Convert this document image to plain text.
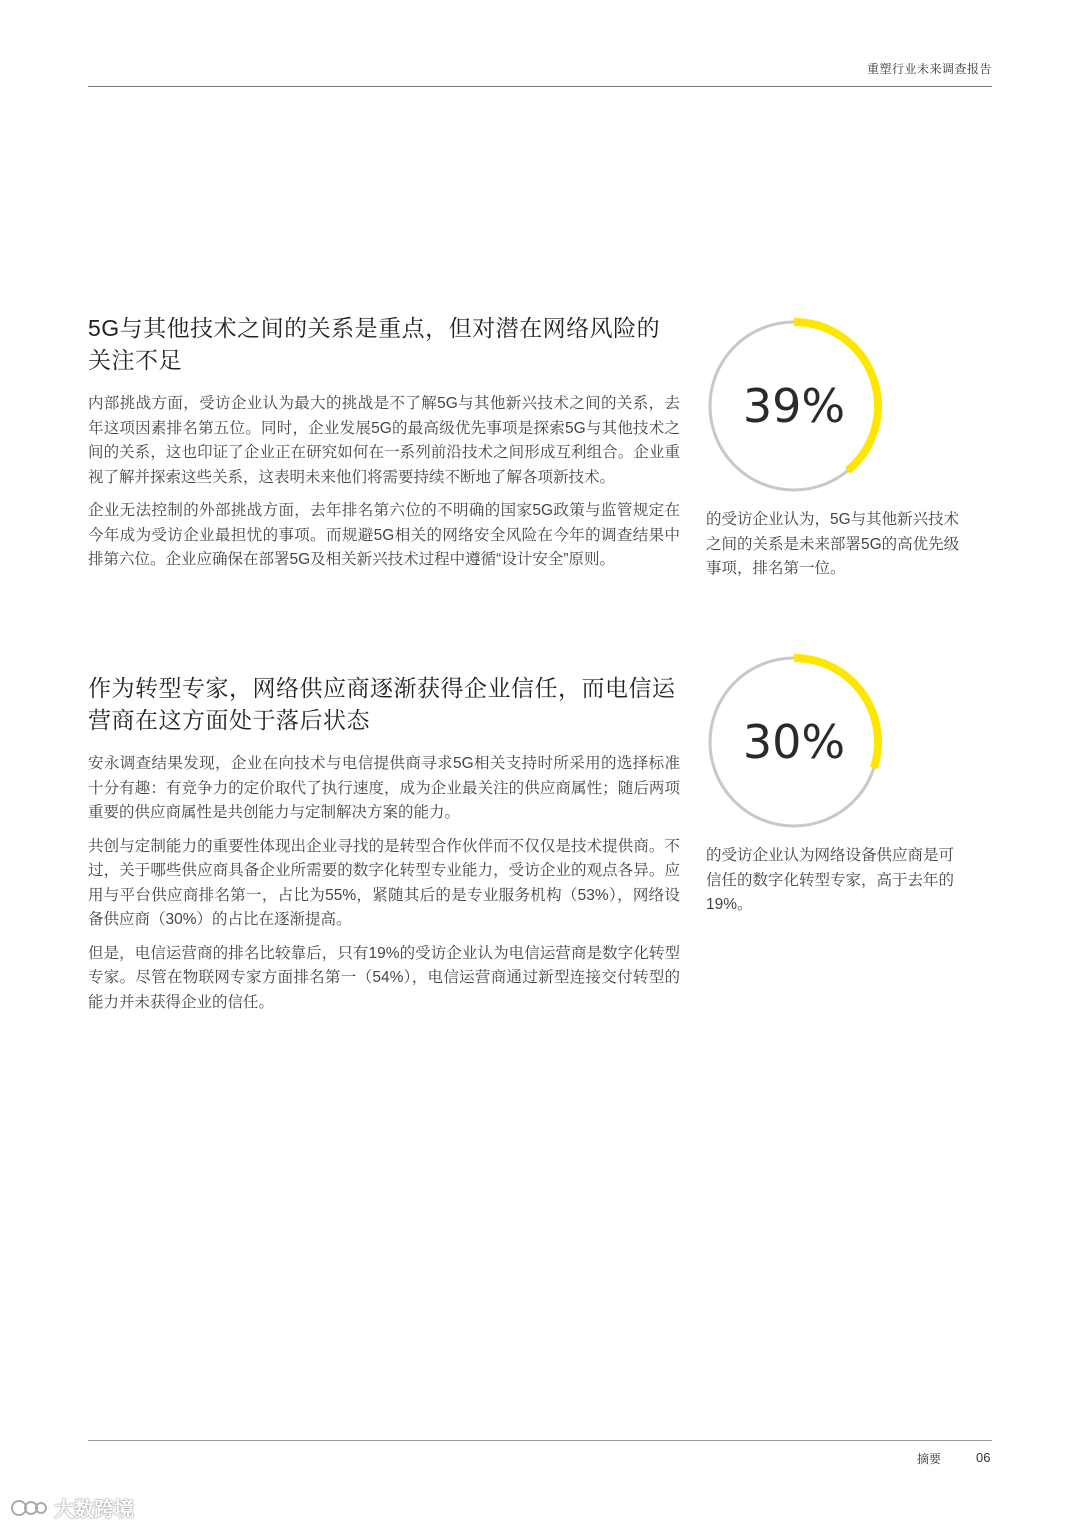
重塑行业未来调查报告
5G与其他技术之间的关系是重点，但对潜在网络风险的关注不足

内部挑战方面，受访企业认为最大的挑战是不了解5G与其他新兴技术之间的关系，去年这项因素排名第五位。同时，企业发展5G的最高级优先事项是探索5G与其他技术之间的关系，这也印证了企业正在研究如何在一系列前沿技术之间形成互利组合。企业重视了解并探索这些关系，这表明未来他们将需要持续不断地了解各项新技术。

企业无法控制的外部挑战方面，去年排名第六位的不明确的国家5G政策与监管规定在今年成为受访企业最担忧的事项。而规避5G相关的网络安全风险在今年的调查结果中排第六位。企业应确保在部署5G及相关新兴技术过程中遵循“设计安全”原则。

39%
的受访企业认为，5G与其他新兴技术之间的关系是未来部署5G的高优先级事项，排名第一位。
作为转型专家，网络供应商逐渐获得企业信任，而电信运营商在这方面处于落后状态

安永调查结果发现，企业在向技术与电信提供商寻求5G相关支持时所采用的选择标准十分有趣：有竞争力的定价取代了执行速度，成为企业最关注的供应商属性；随后两项重要的供应商属性是共创能力与定制解决方案的能力。

共创与定制能力的重要性体现出企业寻找的是转型合作伙伴而不仅仅是技术提供商。不过，关于哪些供应商具备企业所需要的数字化转型专业能力，受访企业的观点各异。应用与平台供应商排名第一，占比为55%，紧随其后的是专业服务机构（53%），网络设备供应商（30%）的占比在逐渐提高。

但是，电信运营商的排名比较靠后，只有19%的受访企业认为电信运营商是数字化转型专家。尽管在物联网专家方面排名第一（54%），电信运营商通过新型连接交付转型的能力并未获得企业的信任。

30%
的受访企业认为网络设备供应商是可信任的数字化转型专家，高于去年的19%。
摘要	06
大数跨境
